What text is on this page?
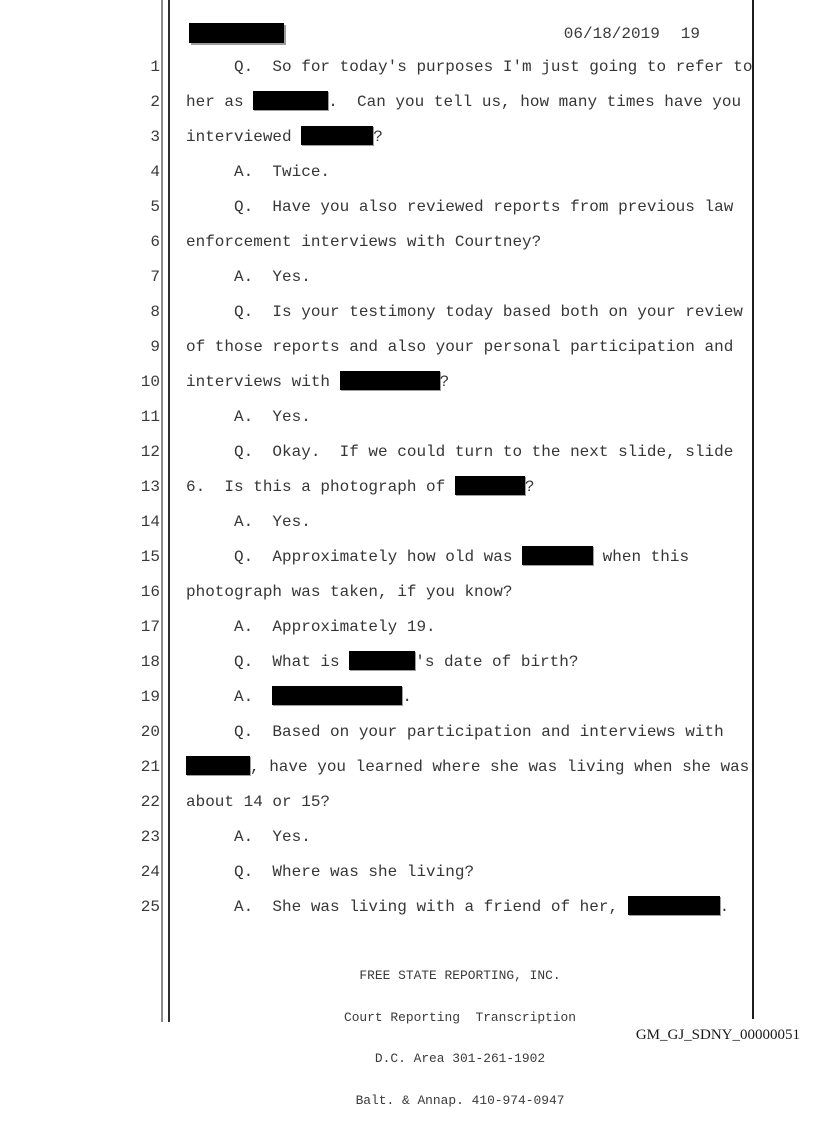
06/18/2019 19
1 Q.  So for today's purposes I'm just going to refer to
2 her as	.  Can you tell us, how many times have you
3 interviewed	?
4 A.  Twice.
5 Q.  Have you also reviewed reports from previous law
6 enforcement interviews with Courtney?
7 A.  Yes.
8 Q.  Is your testimony today based both on your review
9 of those reports and also your personal participation and
10 interviews with	?
11 A.  Yes.
12 Q.  Okay.  If we could turn to the next slide, slide
13 6.  Is this a photograph of	?
14 A.  Yes.
15 Q.  Approximately how old was	when this
16 photograph was taken, if you know?
17 A.  Approximately 19.
18 Q.  What is	's date of birth?
19 A.	.
20 Q.  Based on your participation and interviews with
21	, have you learned where she was living when she was
22 about 14 or 15?
23 A.  Yes.
24 Q.  Where was she living?
25 A.  She was living with a friend of her,	.

FREE STATE REPORTING, INC.

Court Reporting  Transcription

D.C. Area 301-261-1902

Balt. & Annap. 410-974-0947

GM_GJ_SDNY_00000051
